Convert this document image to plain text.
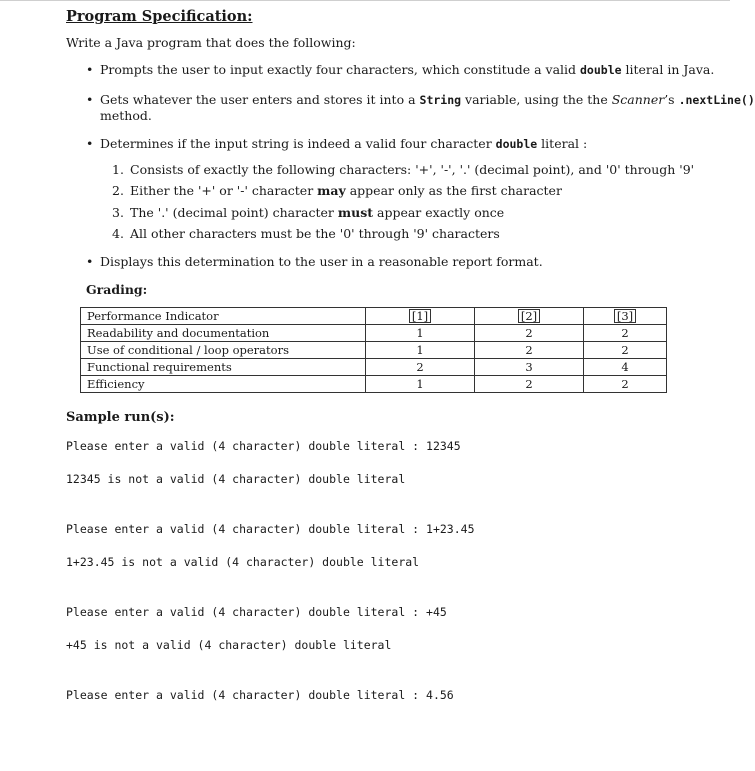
Program Specification:
Write a Java program that does the following:
•
Prompts the user to input exactly four characters, which constitude a valid double literal in Java.
•
Gets whatever the user enters and stores it into a String variable, using the the Scanner’s .nextLine()
method.
•
Determines if the input string is indeed a valid four character double literal :
1. Consists of exactly the following characters: '+', '-', '.' (decimal point), and '0' through '9'
2. Either the '+' or '-' character may appear only as the first character
3. The '.' (decimal point) character must appear exactly once
4. All other characters must be the '0' through '9' characters
•
Displays this determination to the user in a reasonable report format.
Grading:
Performance Indicator	[1]	[2]	[3]
Readability and documentation	1	2	2
Use of conditional / loop operators	1	2	2
Functional requirements	2	3	4
Efficiency	1	2	2
Sample run(s):
Please enter a valid (4 character) double literal : 12345
12345 is not a valid (4 character) double literal
Please enter a valid (4 character) double literal : 1+23.45
1+23.45 is not a valid (4 character) double literal
Please enter a valid (4 character) double literal : +45
+45 is not a valid (4 character) double literal
Please enter a valid (4 character) double literal : 4.56
